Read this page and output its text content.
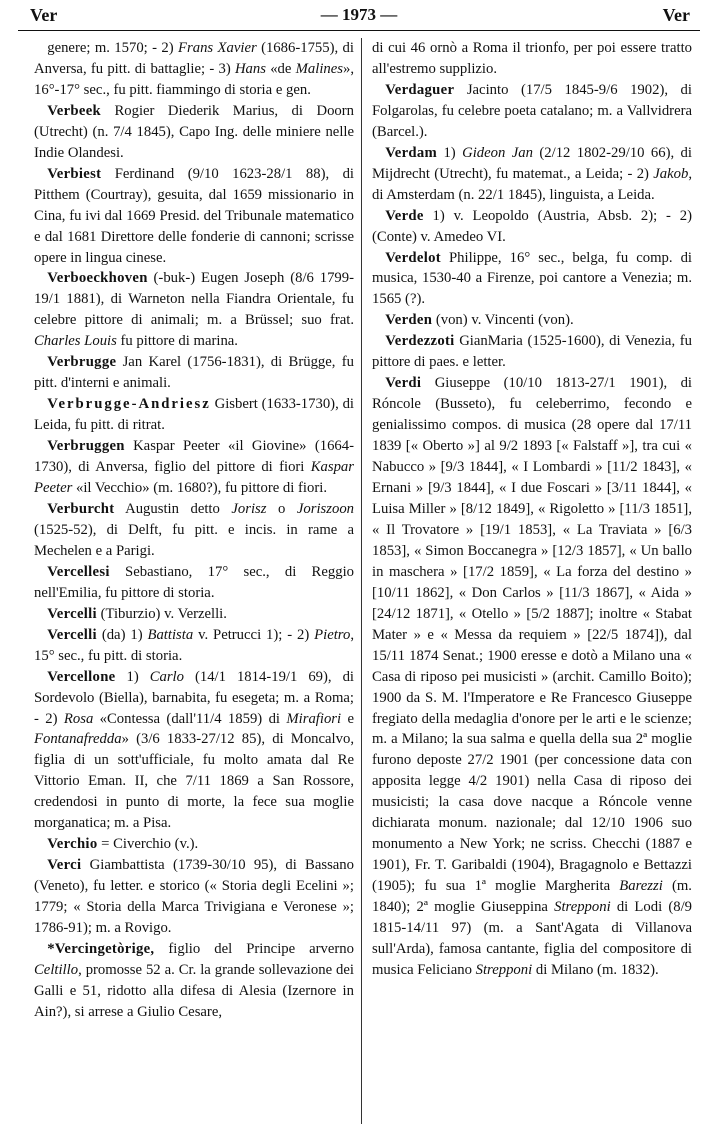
Ver	— 1973 —	Ver
genere; m. 1570; - 2) Frans Xavier (1686-1755), di Anversa, fu pitt. di battaglie; - 3) Hans «de Malines», 16°-17° sec., fu pitt. fiammingo di storia e gen.
Verbeek Rogier Diederik Marius, di Doorn (Utrecht) (n. 7/4 1845), Capo Ing. delle miniere nelle Indie Olandesi.
Verbiest Ferdinand (9/10 1623-28/1 88), di Pitthem (Courtray), gesuita, dal 1659 missionario in Cina, fu ivi dal 1669 Presid. del Tribunale matematico e dal 1681 Direttore delle fonderie di cannoni; scrisse opere in lingua cinese.
Verboeckhoven (-buk-) Eugen Joseph (8/6 1799-19/1 1881), di Warneton nella Fiandra Orientale, fu celebre pittore di animali; m. a Brüssel; suo frat. Charles Louis fu pittore di marina.
Verbrugge Jan Karel (1756-1831), di Brügge, fu pitt. d'interni e animali.
Verbrugge-Andriesz Gisbert (1633-1730), di Leida, fu pitt. di ritrat.
Verbruggen Kaspar Peeter «il Giovine» (1664-1730), di Anversa, figlio del pittore di fiori Kaspar Peeter «il Vecchio» (m. 1680?), fu pittore di fiori.
Verburcht Augustin detto Jorisz o Joriszoon (1525-52), di Delft, fu pitt. e incis. in rame a Mechelen e a Parigi.
Vercellesi Sebastiano, 17° sec., di Reggio nell'Emilia, fu pittore di storia.
Vercelli (Tiburzio) v. Verzelli.
Vercelli (da) 1) Battista v. Petrucci 1); - 2) Pietro, 15° sec., fu pitt. di storia.
Vercellone 1) Carlo (14/1 1814-19/1 69), di Sordevolo (Biella), barnabita, fu esegeta; m. a Roma; - 2) Rosa «Contessa (dall'11/4 1859) di Mirafiori e Fontanafredda» (3/6 1833-27/12 85), di Moncalvo, figlia di un sott'ufficiale, fu molto amata dal Re Vittorio Eman. II, che 7/11 1869 a San Rossore, credendosi in punto di morte, la fece sua moglie morganatica; m. a Pisa.
Verchio = Civerchio (v.).
Verci Giambattista (1739-30/10 95), di Bassano (Veneto), fu letter. e storico (« Storia degli Ecelini »; 1779; « Storia della Marca Trivigiana e Veronese »; 1786-91); m. a Rovigo.
*Vercingetòrige, figlio del Principe arverno Celtillo, promosse 52 a. Cr. la grande sollevazione dei Galli e 51, ridotto alla difesa di Alesia (Izernore in Ain?), si arrese a Giulio Cesare,
di cui 46 ornò a Roma il trionfo, per poi essere tratto all'estremo supplizio.
Verdaguer Jacinto (17/5 1845-9/6 1902), di Folgarolas, fu celebre poeta catalano; m. a Vallvidrera (Barcel.).
Verdam 1) Gideon Jan (2/12 1802-29/10 66), di Mijdrecht (Utrecht), fu matemat., a Leida; - 2) Jakob, di Amsterdam (n. 22/1 1845), linguista, a Leida.
Verde 1) v. Leopoldo (Austria, Absb. 2); - 2) (Conte) v. Amedeo VI.
Verdelot Philippe, 16° sec., belga, fu comp. di musica, 1530-40 a Firenze, poi cantore a Venezia; m. 1565 (?).
Verden (von) v. Vincenti (von).
Verdezzoti GianMaria (1525-1600), di Venezia, fu pittore di paes. e letter.
Verdi Giuseppe (10/10 1813-27/1 1901), di Róncole (Busseto), fu celeberrimo, fecondo e genialissimo compos. di musica (28 opere dal 17/11 1839 [« Oberto »] al 9/2 1893 [« Falstaff »], tra cui « Nabucco » [9/3 1844], « I Lombardi » [11/2 1843], « Ernani » [9/3 1844], « I due Foscari » [3/11 1844], « Luisa Miller » [8/12 1849], « Rigoletto » [11/3 1851], « Il Trovatore » [19/1 1853], « La Traviata » [6/3 1853], « Simon Boccanegra » [12/3 1857], « Un ballo in maschera » [17/2 1859], « La forza del destino » [10/11 1862], « Don Carlos » [11/3 1867], « Aida » [24/12 1871], « Otello » [5/2 1887]; inoltre « Stabat Mater » e « Messa da requiem » [22/5 1874]), dal 15/11 1874 Senat.; 1900 eresse e dotò a Milano una « Casa di riposo pei musicisti » (archit. Camillo Boito); 1900 da S. M. l'Imperatore e Re Francesco Giuseppe fregiato della medaglia d'onore per le arti e le scienze; m. a Milano; la sua salma e quella della sua 2ª moglie furono deposte 27/2 1901 (per concessione data con apposita legge 4/2 1901) nella Casa di riposo dei musicisti; la casa dove nacque a Róncole venne dichiarata monum. nazionale; dal 12/10 1906 suo monumento a New York; ne scriss. Checchi (1887 e 1901), Fr. T. Garibaldi (1904), Bragagnolo e Bettazzi (1905); fu sua 1ª moglie Margherita Barezzi (m. 1840); 2ª moglie Giuseppina Strepponi di Lodi (8/9 1815-14/11 97) (m. a Sant'Agata di Villanova sull'Arda), famosa cantante, figlia del compositore di musica Feliciano Strepponi di Milano (m. 1832).
